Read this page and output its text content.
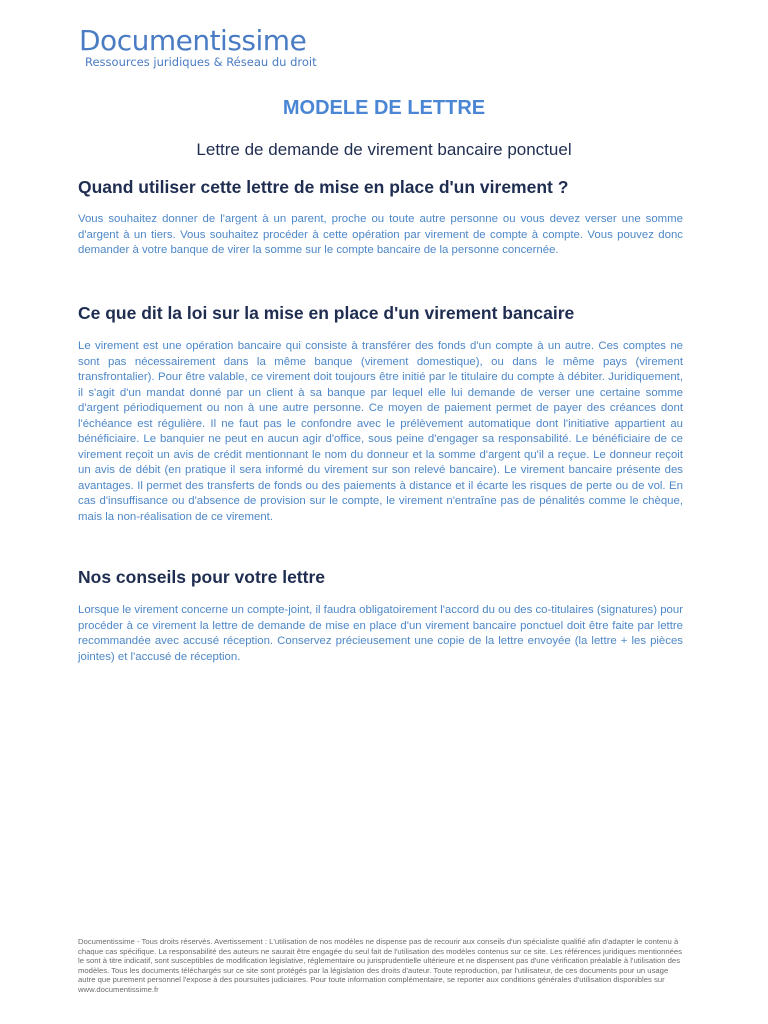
Documentissime
Ressources juridiques & Réseau du droit
MODELE DE LETTRE
Lettre de demande de virement bancaire ponctuel
Quand utiliser cette lettre de mise en place d'un virement ?

Vous souhaitez donner de l'argent à un parent, proche ou toute autre personne ou vous devez verser une somme d'argent à un tiers. Vous souhaitez procéder à cette opération par virement de compte à compte. Vous pouvez donc demander à votre banque de virer la somme sur le compte bancaire de la personne concernée.

Ce que dit la loi sur la mise en place d'un virement bancaire

Le virement est une opération bancaire qui consiste à transférer des fonds d'un compte à un autre. Ces comptes ne sont pas nécessairement dans la même banque (virement domestique), ou dans le même pays (virement transfrontalier). Pour être valable, ce virement doit toujours être initié par le titulaire du compte à débiter. Juridiquement, il s'agit d'un mandat donné par un client à sa banque par lequel elle lui demande de verser une certaine somme d'argent périodiquement ou non à une autre personne. Ce moyen de paiement permet de payer des créances dont l'échéance est régulière. Il ne faut pas le confondre avec le prélèvement automatique dont l'initiative appartient au bénéficiaire. Le banquier ne peut en aucun agir d'office, sous peine d'engager sa responsabilité. Le bénéficiaire de ce virement reçoit un avis de crédit mentionnant le nom du donneur et la somme d'argent qu'il a reçue. Le donneur reçoit un avis de débit (en pratique il sera informé du virement sur son relevé bancaire). Le virement bancaire présente des avantages. Il permet des transferts de fonds ou des paiements à distance et il écarte les risques de perte ou de vol. En cas d'insuffisance ou d'absence de provision sur le compte, le virement n'entraîne pas de pénalités comme le chèque, mais la non-réalisation de ce virement.

Nos conseils pour votre lettre

Lorsque le virement concerne un compte-joint, il faudra obligatoirement l'accord du ou des co-titulaires (signatures) pour procéder à ce virement la lettre de demande de mise en place d'un virement bancaire ponctuel doit être faite par lettre recommandée avec accusé réception. Conservez précieusement une copie de la lettre envoyée (la lettre + les pièces jointes) et l'accusé de réception.

Documentissime - Tous droits réservés. Avertissement : L'utilisation de nos modèles ne dispense pas de recourir aux conseils d'un spécialiste qualifié afin d'adapter le contenu à chaque cas spécifique. La responsabilité des auteurs ne saurait être engagée du seul fait de l'utilisation des modèles contenus sur ce site. Les références juridiques mentionnées le sont à titre indicatif, sont susceptibles de modification législative, réglementaire ou jurisprudentielle ultérieure et ne dispensent pas d'une vérification préalable à l'utilisation des modèles. Tous les documents téléchargés sur ce site sont protégés par la législation des droits d'auteur. Toute reproduction, par l'utilisateur, de ces documents pour un usage autre que purement personnel l'expose à des poursuites judiciaires. Pour toute information complémentaire, se reporter aux conditions générales d'utilisation disponibles sur www.documentissime.fr
